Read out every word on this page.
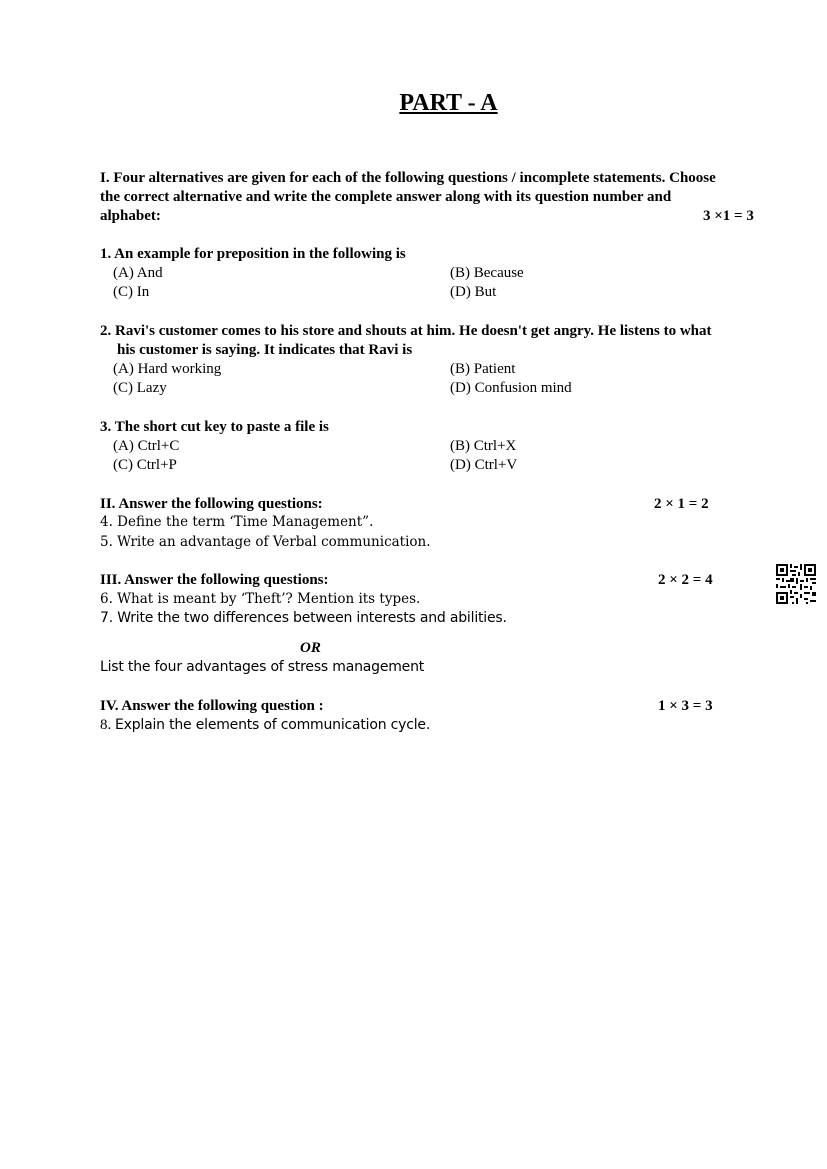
PART - A
I. Four alternatives are given for each of the following questions / incomplete statements. Choose
the correct alternative and write the complete answer along with its question number and
alphabet:	3 ×1 = 3
1. An example for preposition in the following is
(A) And	(B) Because
(C) In	(D) But
2. Ravi's customer comes to his store and shouts at him. He doesn't get angry. He listens to what
his customer is saying. It indicates that Ravi is
(A) Hard working	(B) Patient
(C) Lazy	(D) Confusion mind
3. The short cut key to paste a file is
(A) Ctrl+C	(B) Ctrl+X
(C) Ctrl+P	(D) Ctrl+V
II. Answer the following questions:	2 × 1 = 2
4. Define the term ‘Time Management”.
5. Write an advantage of Verbal communication.
III. Answer the following questions:	2 × 2 = 4
6. What is meant by ‘Theft’? Mention its types.
7. Write the two differences between interests and abilities.
OR
List the four advantages of stress management
IV. Answer the following question :	1 × 3 = 3
8. Explain the elements of communication cycle.
